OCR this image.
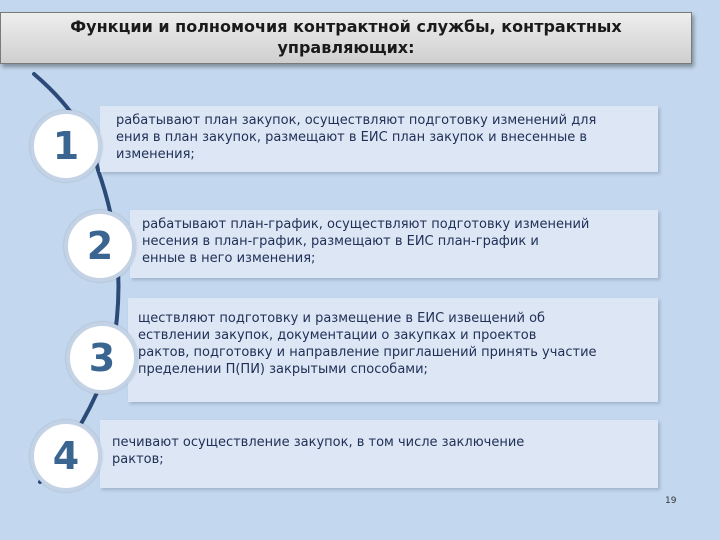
Функции и полномочия контрактной службы, контрактных
управляющих:
рабатывают план закупок, осуществляют подготовку изменений для
ения в план закупок, размещают в ЕИС план закупок и внесенные в
изменения;
1
рабатывают план-график, осуществляют подготовку изменений
несения в план-график, размещают в ЕИС план-график и
енные в него изменения;
2
ществляют подготовку и размещение в ЕИС извещений об
ествлении закупок, документации о закупках и проектов
рактов, подготовку и направление приглашений принять участие
пределении П(ПИ) закрытыми способами;
3
печивают осуществление закупок, в том числе заключение
рактов;
4
19
